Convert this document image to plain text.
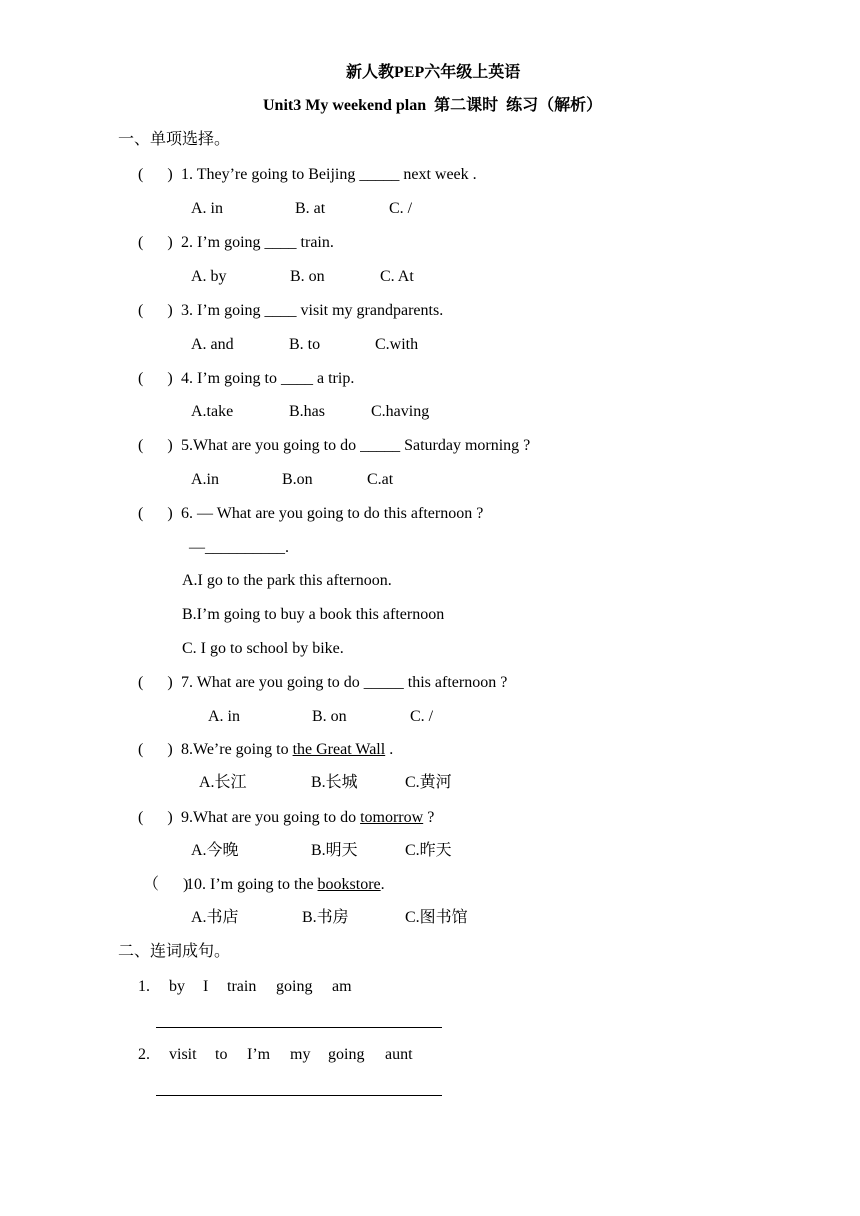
新人教PEP六年级上英语
Unit3 My weekend plan  第二课时  练习（解析）
一、单项选择。
(      ) 1. They’re going to Beijing _____ next week .
A. in	B. at	C. /
(      ) 2. I’m going ____ train.
A. by	B. on	C. At
(      ) 3. I’m going ____ visit my grandparents.
A. and	B. to	C.with
(      ) 4. I’m going to ____ a trip.
A.take	B.has	C.having
(      ) 5.What are you going to do _____ Saturday morning ?
A.in	B.on	C.at
(      ) 6. — What are you going to do this afternoon ?
—__________.
A.I go to the park this afternoon.
B.I’m going to buy a book this afternoon
C. I go to school by bike.
(      ) 7. What are you going to do _____ this afternoon ?
A. in	B. on	C. /
(      ) 8.We’re going to the Great Wall .
A.长江	B.长城	C.黄河
(      ) 9.What are you going to do tomorrow ?
A.今晚	B.明天	C.昨天
（      )
10. I’m going to the bookstore.
A.书店	B.书房	C.图书馆
二、连词成句。
1. by I train going am
2. visit to I’m my going aunt
